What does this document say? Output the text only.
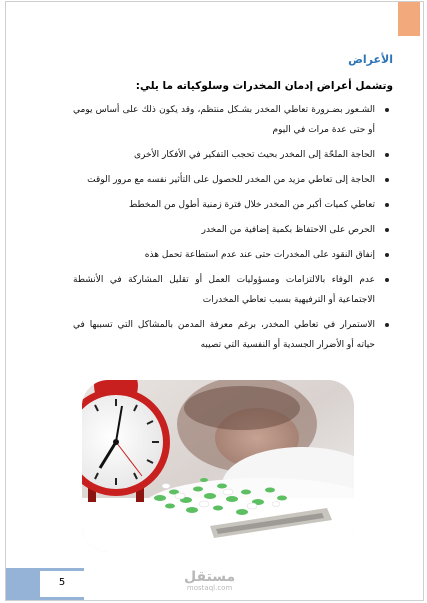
الأعراض

وتشمل أعراض إدمان المخدرات وسلوكياته ما يلي:

الشـعور بضـرورة تعاطي المخدر بشـكل منتظم، وقد يكون ذلك على أساس يومي أو حتى عدة مرات في اليوم
الحاجة الملحّة إلى المخدر بحيث تحجب التفكير في الأفكار الأخرى
الحاجة إلى تعاطي مزيد من المخدر للحصول على التأثير نفسه مع مرور الوقت
تعاطي كميات أكبر من المخدر خلال فترة زمنية أطول من المخطط
الحرص على الاحتفاظ بكمية إضافية من المخدر
إنفاق النقود على المخدرات حتى عند عدم استطاعة تحمل هذه
عدم الوفاء بالالتزامات ومسؤوليات العمل أو تقليل المشاركة في الأنشطة الاجتماعية أو الترفيهية بسبب تعاطي المخدرات
الاستمرار في تعاطي المخدر، برغم معرفة المدمن بالمشاكل التي تسببها في حياته أو الأضرار الجسدية أو النفسية التي تصيبه
5	مستقل
mostaql.com
